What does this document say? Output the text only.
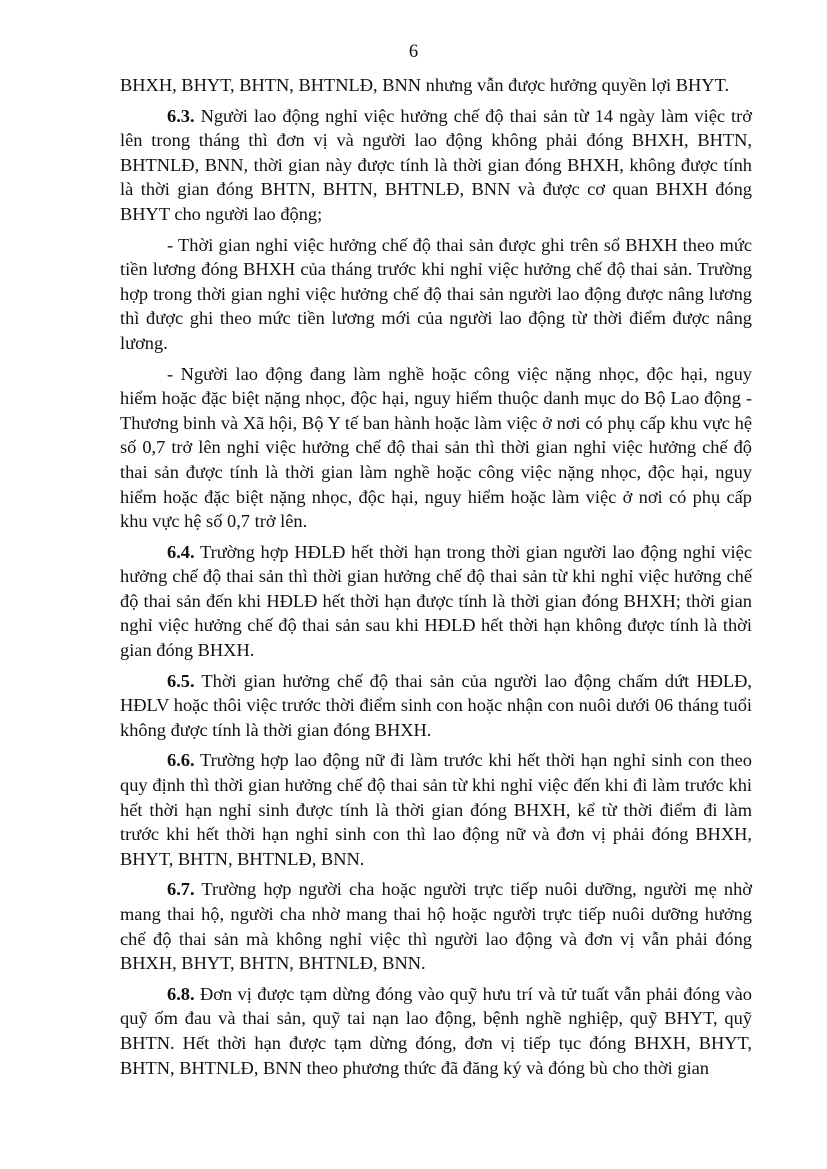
6

BHXH, BHYT, BHTN, BHTNLĐ, BNN nhưng vẫn được hưởng quyền lợi BHYT.

6.3. Người lao động nghỉ việc hưởng chế độ thai sản từ 14 ngày làm việc trở lên trong tháng thì đơn vị và người lao động không phải đóng BHXH, BHTN, BHTNLĐ, BNN, thời gian này được tính là thời gian đóng BHXH, không được tính là thời gian đóng BHTN, BHTN, BHTNLĐ, BNN và được cơ quan BHXH đóng BHYT cho người lao động;

- Thời gian nghỉ việc hưởng chế độ thai sản được ghi trên sổ BHXH theo mức tiền lương đóng BHXH của tháng trước khi nghỉ việc hưởng chế độ thai sản. Trường hợp trong thời gian nghỉ việc hưởng chế độ thai sản người lao động được nâng lương thì được ghi theo mức tiền lương mới của người lao động từ thời điểm được nâng lương.

- Người lao động đang làm nghề hoặc công việc nặng nhọc, độc hại, nguy hiểm hoặc đặc biệt nặng nhọc, độc hại, nguy hiểm thuộc danh mục do Bộ Lao động - Thương binh và Xã hội, Bộ Y tế ban hành hoặc làm việc ở nơi có phụ cấp khu vực hệ số 0,7 trở lên nghỉ việc hưởng chế độ thai sản thì thời gian nghỉ việc hưởng chế độ thai sản được tính là thời gian làm nghề hoặc công việc nặng nhọc, độc hại, nguy hiểm hoặc đặc biệt nặng nhọc, độc hại, nguy hiểm hoặc làm việc ở nơi có phụ cấp khu vực hệ số 0,7 trở lên.

6.4. Trường hợp HĐLĐ hết thời hạn trong thời gian người lao động nghỉ việc hưởng chế độ thai sản thì thời gian hưởng chế độ thai sản từ khi nghỉ việc hưởng chế độ thai sản đến khi HĐLĐ hết thời hạn được tính là thời gian đóng BHXH; thời gian nghỉ việc hưởng chế độ thai sản sau khi HĐLĐ hết thời hạn không được tính là thời gian đóng BHXH.

6.5. Thời gian hưởng chế độ thai sản của người lao động chấm dứt HĐLĐ, HĐLV hoặc thôi việc trước thời điểm sinh con hoặc nhận con nuôi dưới 06 tháng tuổi không được tính là thời gian đóng BHXH.

6.6. Trường hợp lao động nữ đi làm trước khi hết thời hạn nghỉ sinh con theo quy định thì thời gian hưởng chế độ thai sản từ khi nghỉ việc đến khi đi làm trước khi hết thời hạn nghỉ sinh được tính là thời gian đóng BHXH, kể từ thời điểm đi làm trước khi hết thời hạn nghỉ sinh con thì lao động nữ và đơn vị phải đóng BHXH, BHYT, BHTN, BHTNLĐ, BNN.

6.7. Trường hợp người cha hoặc người trực tiếp nuôi dưỡng, người mẹ nhờ mang thai hộ, người cha nhờ mang thai hộ hoặc người trực tiếp nuôi dưỡng hưởng chế độ thai sản mà không nghỉ việc thì người lao động và đơn vị vẫn phải đóng BHXH, BHYT, BHTN, BHTNLĐ, BNN.

6.8. Đơn vị được tạm dừng đóng vào quỹ hưu trí và tử tuất vẫn phải đóng vào quỹ ốm đau và thai sản, quỹ tai nạn lao động, bệnh nghề nghiệp, quỹ BHYT, quỹ BHTN. Hết thời hạn được tạm dừng đóng, đơn vị tiếp tục đóng BHXH, BHYT, BHTN, BHTNLĐ, BNN theo phương thức đã đăng ký và đóng bù cho thời gian
